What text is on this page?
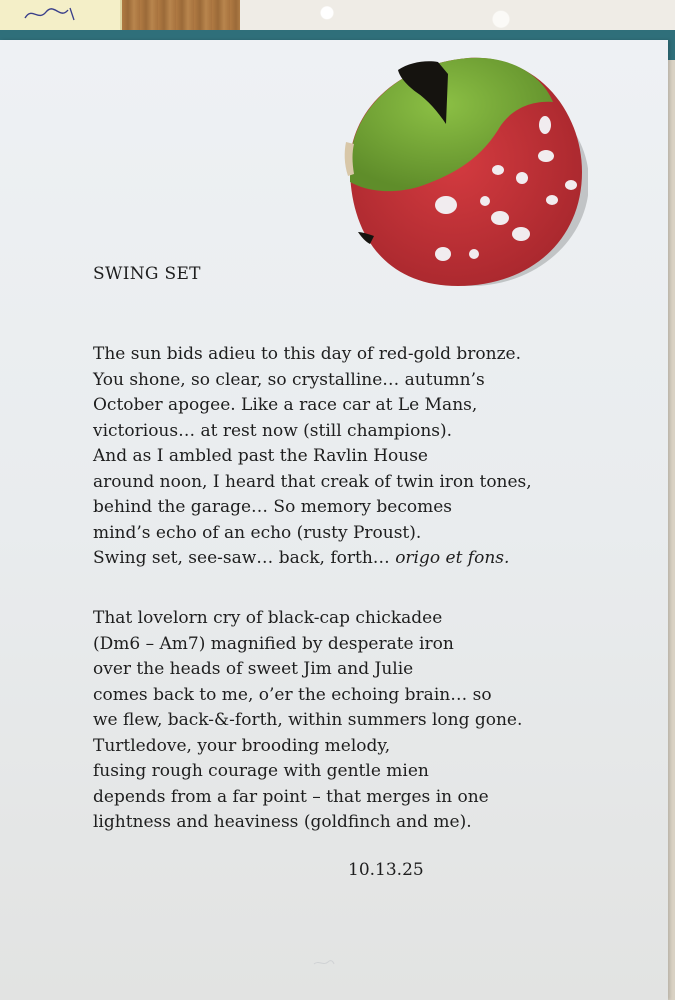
SWING SET
The sun bids adieu to this day of red-gold bronze.
You shone, so clear, so crystalline… autumn’s
October apogee. Like a race car at Le Mans,
victorious… at rest now (still champions).
And as I ambled past the Ravlin House
around noon, I heard that creak of twin iron tones,
behind the garage… So memory becomes
mind’s echo of an echo (rusty Proust).
Swing set, see-saw… back, forth… origo et fons.
That lovelorn cry of black-cap chickadee
(Dm6 – Am7) magnified by desperate iron
over the heads of sweet Jim and Julie
comes back to me, o’er the echoing brain… so
we flew, back-&-forth, within summers long gone.
Turtledove, your brooding melody,
fusing rough courage with gentle mien
depends from a far point – that merges in one
lightness and heaviness (goldfinch and me).
10.13.25
